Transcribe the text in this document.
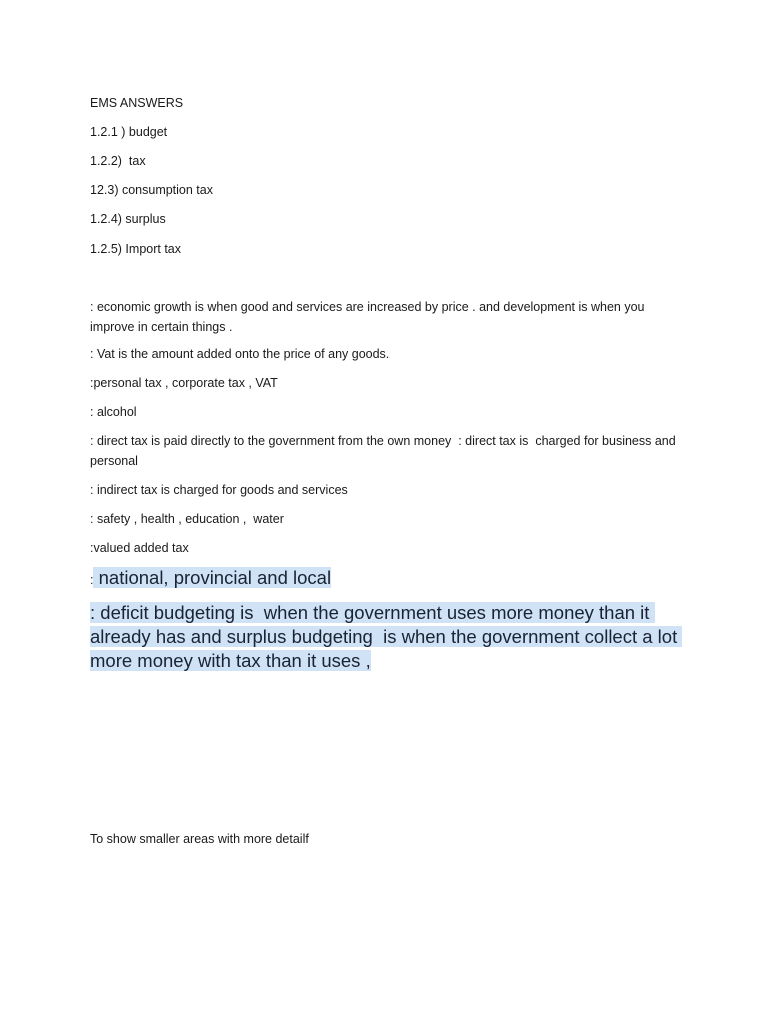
EMS ANSWERS

1.2.1 ) budget

1.2.2)  tax

12.3) consumption tax

1.2.4) surplus

1.2.5) Import tax

: economic growth is when good and services are increased by price . and development is when you improve in certain things .

: Vat is the amount added onto the price of any goods.

:personal tax , corporate tax , VAT

: alcohol

: direct tax is paid directly to the government from the own money  : direct tax is  charged for business and personal

: indirect tax is charged for goods and services

: safety , health , education ,  water

:valued added tax

: national, provincial and local

: deficit budgeting is  when the government uses more money than it already has and surplus budgeting  is when the government collect a lot more money with tax than it uses ,

To show smaller areas with more detailf
